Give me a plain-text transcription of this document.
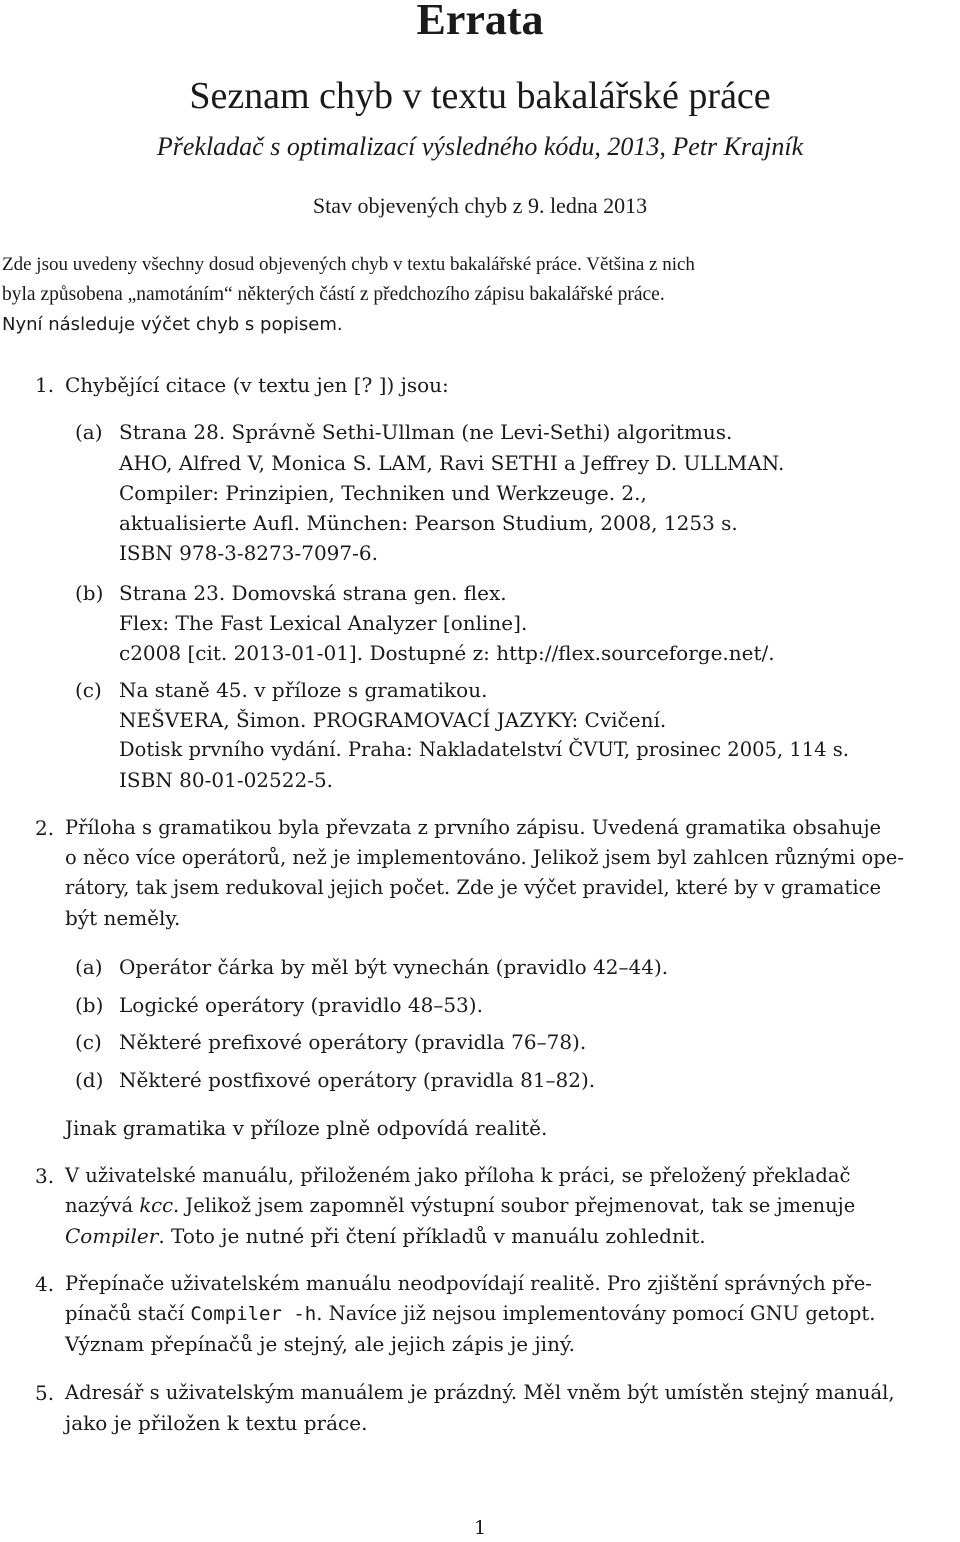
Errata
Seznam chyb v textu bakalářské práce
Překladač s optimalizací výsledného kódu, 2013, Petr Krajník
Stav objevených chyb z 9. ledna 2013
Zde jsou uvedeny všechny dosud objevených chyb v textu bakalářské práce. Většina z nich
byla způsobena „namotáním“ některých částí z předchozího zápisu bakalářské práce.
Nyní následuje výčet chyb s popisem.
1. Chybějící citace (v textu jen [? ]) jsou:
(a) Strana 28. Správně Sethi-Ullman (ne Levi-Sethi) algoritmus.
AHO, Alfred V, Monica S. LAM, Ravi SETHI a Jeffrey D. ULLMAN.
Compiler: Prinzipien, Techniken und Werkzeuge. 2.,
aktualisierte Aufl. München: Pearson Studium, 2008, 1253 s.
ISBN 978-3-8273-7097-6.
(b) Strana 23. Domovská strana gen. flex.
Flex: The Fast Lexical Analyzer [online].
c2008 [cit. 2013-01-01]. Dostupné z: http://flex.sourceforge.net/.
(c) Na staně 45. v příloze s gramatikou.
NEŠVERA, Šimon. PROGRAMOVACÍ JAZYKY: Cvičení.
Dotisk prvního vydání. Praha: Nakladatelství ČVUT, prosinec 2005, 114 s.
ISBN 80-01-02522-5.
2. Příloha s gramatikou byla převzata z prvního zápisu. Uvedená gramatika obsahuje
o něco více operátorů, než je implementováno. Jelikož jsem byl zahlcen různými ope-
rátory, tak jsem redukoval jejich počet. Zde je výčet pravidel, které by v gramatice
být neměly.
(a) Operátor čárka by měl být vynechán (pravidlo 42–44).
(b) Logické operátory (pravidlo 48–53).
(c) Některé prefixové operátory (pravidla 76–78).
(d) Některé postfixové operátory (pravidla 81–82).
Jinak gramatika v příloze plně odpovídá realitě.
3. V uživatelské manuálu, přiloženém jako příloha k práci, se přeložený překladač
nazývá kcc. Jelikož jsem zapomněl výstupní soubor přejmenovat, tak se jmenuje
Compiler. Toto je nutné při čtení příkladů v manuálu zohlednit.
4. Přepínače uživatelském manuálu neodpovídají realitě. Pro zjištění správných pře-
pínačů stačí Compiler -h. Navíce již nejsou implementovány pomocí GNU getopt.
Význam přepínačů je stejný, ale jejich zápis je jiný.
5. Adresář s uživatelským manuálem je prázdný. Měl vněm být umístěn stejný manuál,
jako je přiložen k textu práce.
1
